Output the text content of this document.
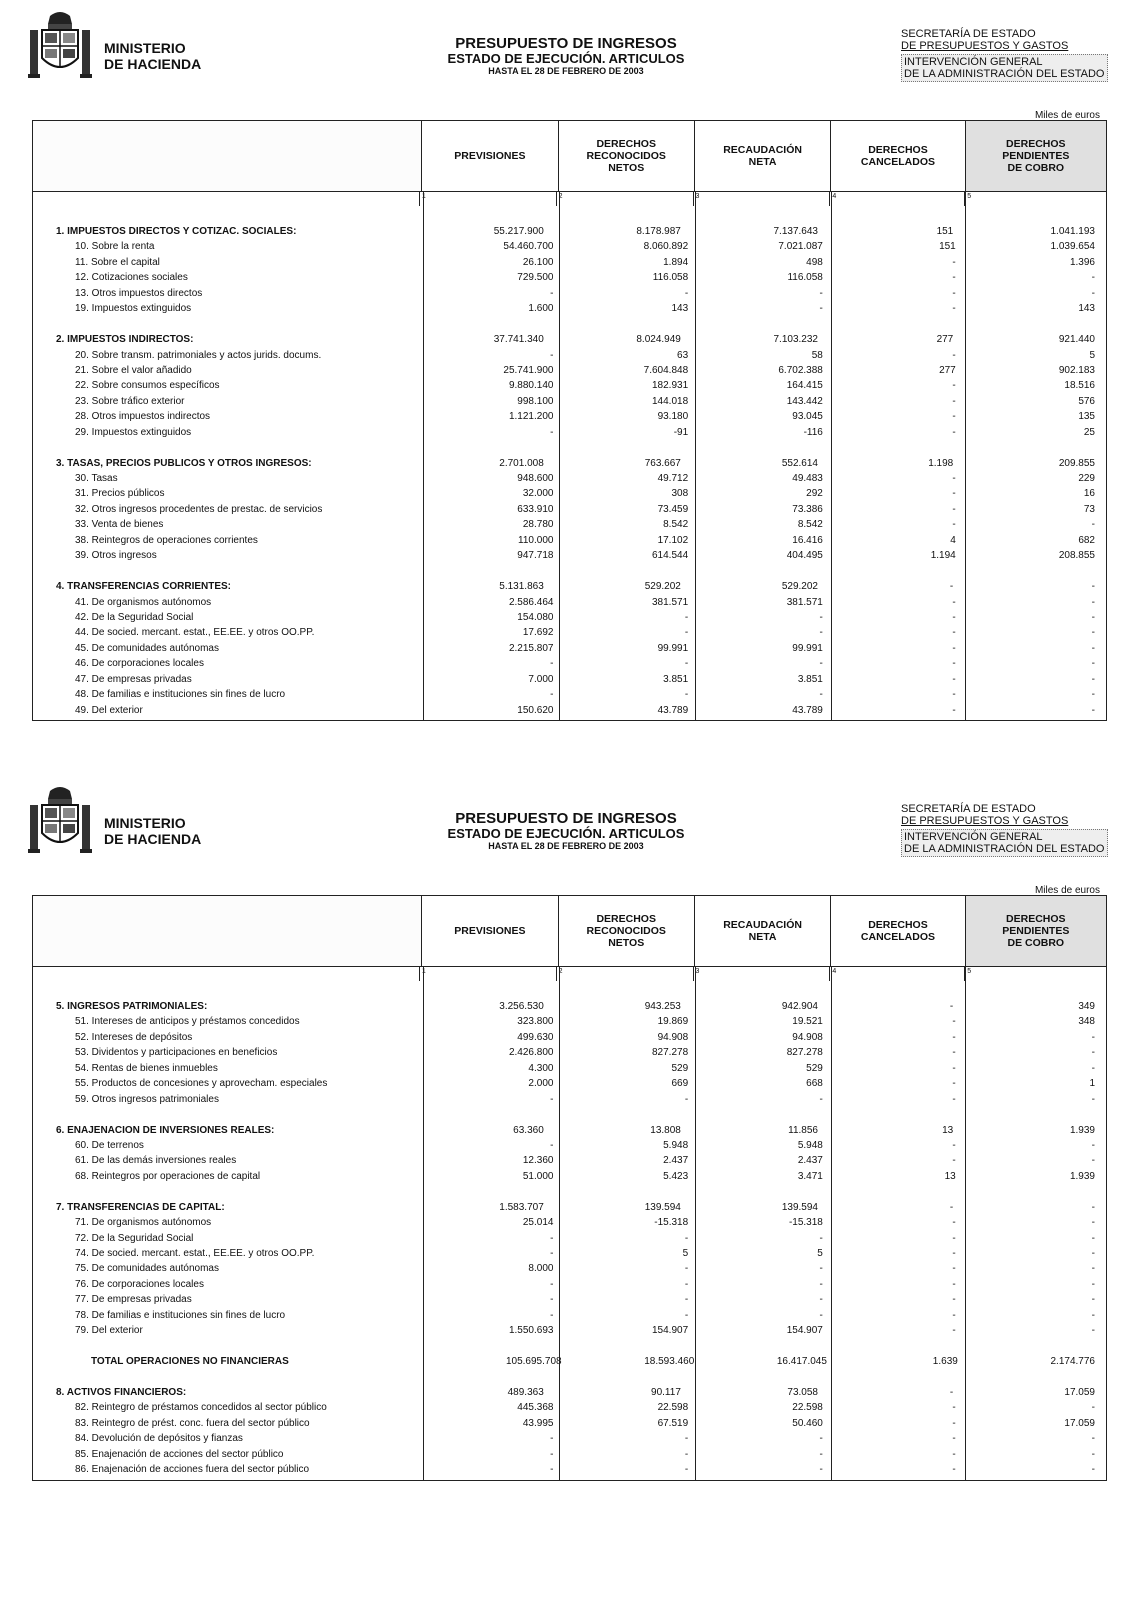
MINISTERIO
DE HACIENDA
PRESUPUESTO DE INGRESOS
ESTADO DE EJECUCIÓN. ARTICULOS
HASTA EL 28 DE FEBRERO DE 2003
SECRETARÍA DE ESTADO
DE PRESUPUESTOS Y GASTOS
INTERVENCIÓN GENERAL
DE LA ADMINISTRACIÓN DEL ESTADO
Miles de euros
PREVISIONES
DERECHOS RECONOCIDOS NETOS
RECAUDACIÓN NETA
DERECHOS CANCELADOS
DERECHOS PENDIENTES DE COBRO
1	2	3	4	5
1. IMPUESTOS DIRECTOS Y COTIZAC. SOCIALES:	55.217.900	8.178.987	7.137.643	151	1.041.193
10. Sobre la renta	54.460.700	8.060.892	7.021.087	151	1.039.654
11. Sobre el capital	26.100	1.894	498	-	1.396
12. Cotizaciones sociales	729.500	116.058	116.058	-	-
13. Otros impuestos directos	-	-	-	-	-
19. Impuestos extinguidos	1.600	143	-	-	143
2. IMPUESTOS INDIRECTOS:	37.741.340	8.024.949	7.103.232	277	921.440
20. Sobre transm. patrimoniales y actos jurids. docums.	-	63	58	-	5
21. Sobre el valor añadido	25.741.900	7.604.848	6.702.388	277	902.183
22. Sobre consumos específicos	9.880.140	182.931	164.415	-	18.516
23. Sobre tráfico exterior	998.100	144.018	143.442	-	576
28. Otros impuestos indirectos	1.121.200	93.180	93.045	-	135
29. Impuestos extinguidos	-	-91	-116	-	25
3. TASAS, PRECIOS PUBLICOS Y OTROS INGRESOS:	2.701.008	763.667	552.614	1.198	209.855
30. Tasas	948.600	49.712	49.483	-	229
31. Precios públicos	32.000	308	292	-	16
32. Otros ingresos procedentes de prestac. de servicios	633.910	73.459	73.386	-	73
33. Venta de bienes	28.780	8.542	8.542	-	-
38. Reintegros de operaciones corrientes	110.000	17.102	16.416	4	682
39. Otros ingresos	947.718	614.544	404.495	1.194	208.855
4. TRANSFERENCIAS CORRIENTES:	5.131.863	529.202	529.202	-	-
41. De organismos autónomos	2.586.464	381.571	381.571	-	-
42. De la Seguridad Social	154.080	-	-	-	-
44. De socied. mercant. estat., EE.EE. y otros OO.PP.	17.692	-	-	-	-
45. De comunidades autónomas	2.215.807	99.991	99.991	-	-
46. De corporaciones locales	-	-	-	-	-
47. De empresas privadas	7.000	3.851	3.851	-	-
48. De familias e instituciones sin fines de lucro	-	-	-	-	-
49. Del exterior	150.620	43.789	43.789	-	-
MINISTERIO
DE HACIENDA
PRESUPUESTO DE INGRESOS
ESTADO DE EJECUCIÓN. ARTICULOS
HASTA EL 28 DE FEBRERO DE 2003
SECRETARÍA DE ESTADO
DE PRESUPUESTOS Y GASTOS
INTERVENCIÓN GENERAL
DE LA ADMINISTRACIÓN DEL ESTADO
Miles de euros
PREVISIONES
DERECHOS RECONOCIDOS NETOS
RECAUDACIÓN NETA
DERECHOS CANCELADOS
DERECHOS PENDIENTES DE COBRO
1	2	3	4	5
5. INGRESOS PATRIMONIALES:	3.256.530	943.253	942.904	-	349
51. Intereses de anticipos y préstamos concedidos	323.800	19.869	19.521	-	348
52. Intereses de depósitos	499.630	94.908	94.908	-	-
53. Dividentos y participaciones en beneficios	2.426.800	827.278	827.278	-	-
54. Rentas de bienes inmuebles	4.300	529	529	-	-
55. Productos de concesiones y aprovecham. especiales	2.000	669	668	-	1
59. Otros ingresos patrimoniales	-	-	-	-	-
6. ENAJENACION DE INVERSIONES REALES:	63.360	13.808	11.856	13	1.939
60. De terrenos	-	5.948	5.948	-	-
61. De las demás inversiones reales	12.360	2.437	2.437	-	-
68. Reintegros por operaciones de capital	51.000	5.423	3.471	13	1.939
7. TRANSFERENCIAS DE CAPITAL:	1.583.707	139.594	139.594	-	-
71. De organismos autónomos	25.014	-15.318	-15.318	-	-
72. De la Seguridad Social	-	-	-	-	-
74. De socied. mercant. estat., EE.EE. y otros OO.PP.	-	5	5	-	-
75. De comunidades autónomas	8.000	-	-	-	-
76. De corporaciones locales	-	-	-	-	-
77. De empresas privadas	-	-	-	-	-
78. De familias e instituciones sin fines de lucro	-	-	-	-	-
79. Del exterior	1.550.693	154.907	154.907	-	-
TOTAL OPERACIONES NO FINANCIERAS	105.695.708	18.593.460	16.417.045	1.639	2.174.776
8. ACTIVOS FINANCIEROS:	489.363	90.117	73.058	-	17.059
82. Reintegro de préstamos concedidos al sector público	445.368	22.598	22.598	-	-
83. Reintegro de prést. conc. fuera del sector público	43.995	67.519	50.460	-	17.059
84. Devolución de depósitos y fianzas	-	-	-	-	-
85. Enajenación de acciones del sector público	-	-	-	-	-
86. Enajenación de acciones fuera del sector público	-	-	-	-	-
